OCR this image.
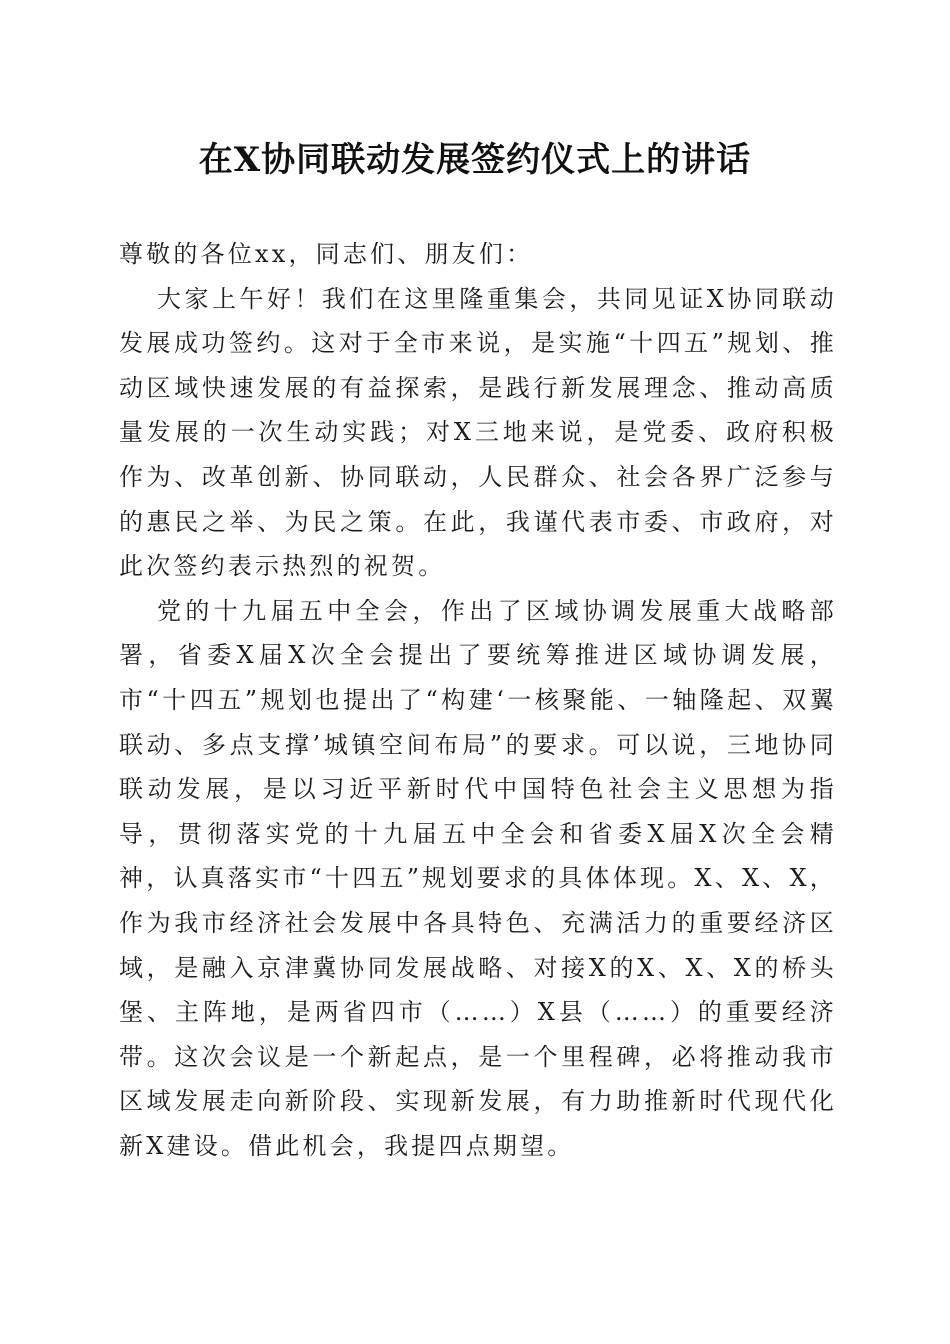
在X协同联动发展签约仪式上的讲话

尊敬的各位xx，同志们、朋友们：

大家上午好！我们在这里隆重集会，共同见证X协同联动发展成功签约。这对于全市来说，是实施“十四五”规划、推动区域快速发展的有益探索，是践行新发展理念、推动高质量发展的一次生动实践；对X三地来说，是党委、政府积极作为、改革创新、协同联动，人民群众、社会各界广泛参与的惠民之举、为民之策。在此，我谨代表市委、市政府，对此次签约表示热烈的祝贺。

党的十九届五中全会，作出了区域协调发展重大战略部署，省委X届X次全会提出了要统筹推进区域协调发展，市“十四五”规划也提出了“构建‘一核聚能、一轴隆起、双翼联动、多点支撑’城镇空间布局”的要求。可以说，三地协同联动发展，是以习近平新时代中国特色社会主义思想为指导，贯彻落实党的十九届五中全会和省委X届X次全会精神，认真落实市“十四五”规划要求的具体体现。X、X、X，作为我市经济社会发展中各具特色、充满活力的重要经济区域，是融入京津冀协同发展战略、对接X的X、X、X的桥头堡、主阵地，是两省四市（……）X县（……）的重要经济带。这次会议是一个新起点，是一个里程碑，必将推动我市区域发展走向新阶段、实现新发展，有力助推新时代现代化新X建设。借此机会，我提四点期望。
